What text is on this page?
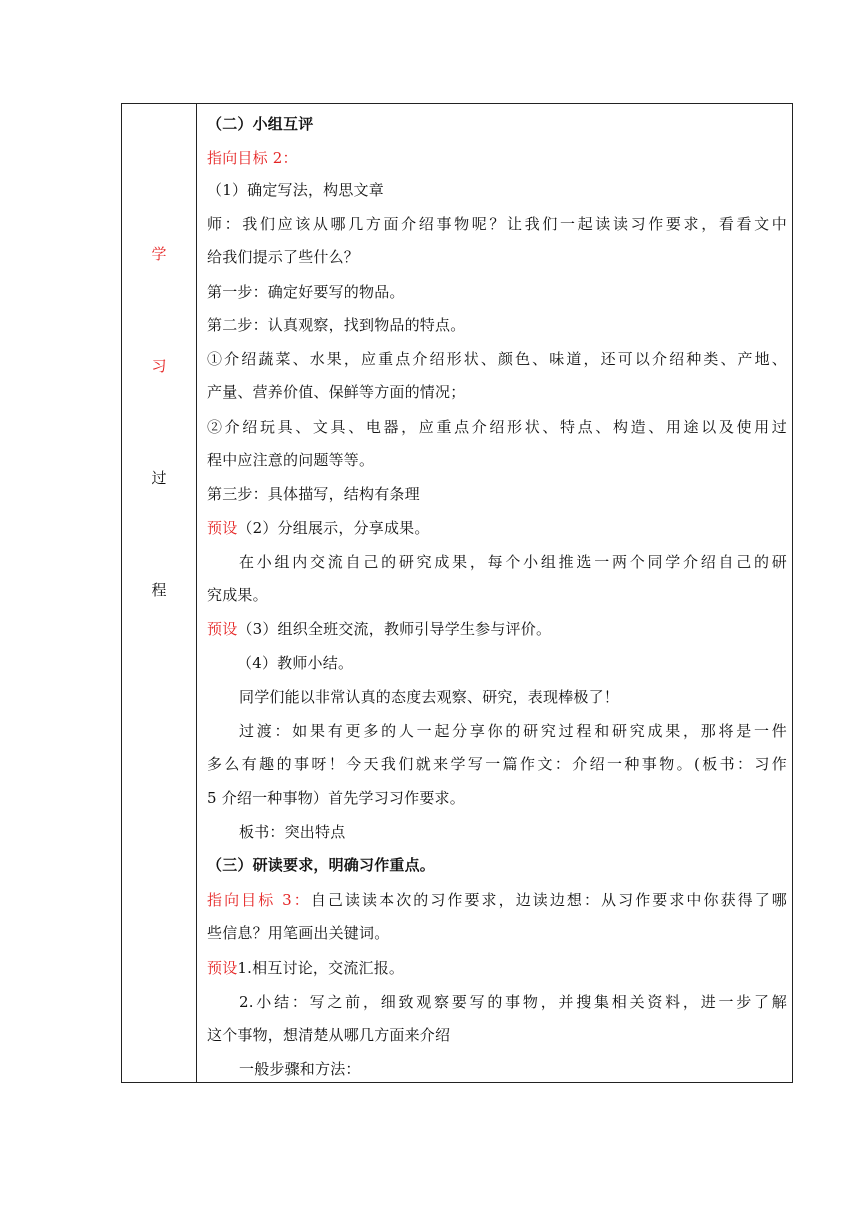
学
习
过
程
（二）小组互评
指向目标 2：
（1）确定写法，构思文章
师：我们应该从哪几方面介绍事物呢？让我们一起读读习作要求，看看文中
给我们提示了些什么？
第一步：确定好要写的物品。
第二步：认真观察，找到物品的特点。
①介绍蔬菜、水果，应重点介绍形状、颜色、味道，还可以介绍种类、产地、
产量、营养价值、保鲜等方面的情况；
②介绍玩具、文具、电器，应重点介绍形状、特点、构造、用途以及使用过
程中应注意的问题等等。
第三步：具体描写，结构有条理
预设（2）分组展示，分享成果。
在小组内交流自己的研究成果，每个小组推选一两个同学介绍自己的研
究成果。
预设（3）组织全班交流，教师引导学生参与评价。
（4）教师小结。
同学们能以非常认真的态度去观察、研究，表现棒极了！
过渡：如果有更多的人一起分享你的研究过程和研究成果，那将是一件
多么有趣的事呀！今天我们就来学写一篇作文：介绍一种事物。(板书：习作
5 介绍一种事物）首先学习习作要求。
板书：突出特点
（三）研读要求，明确习作重点。
指向目标 3：自己读读本次的习作要求，边读边想：从习作要求中你获得了哪
些信息？用笔画出关键词。
预设1.相互讨论，交流汇报。
2.小结：写之前，细致观察要写的事物，并搜集相关资料，进一步了解
这个事物，想清楚从哪几方面来介绍
一般步骤和方法：
